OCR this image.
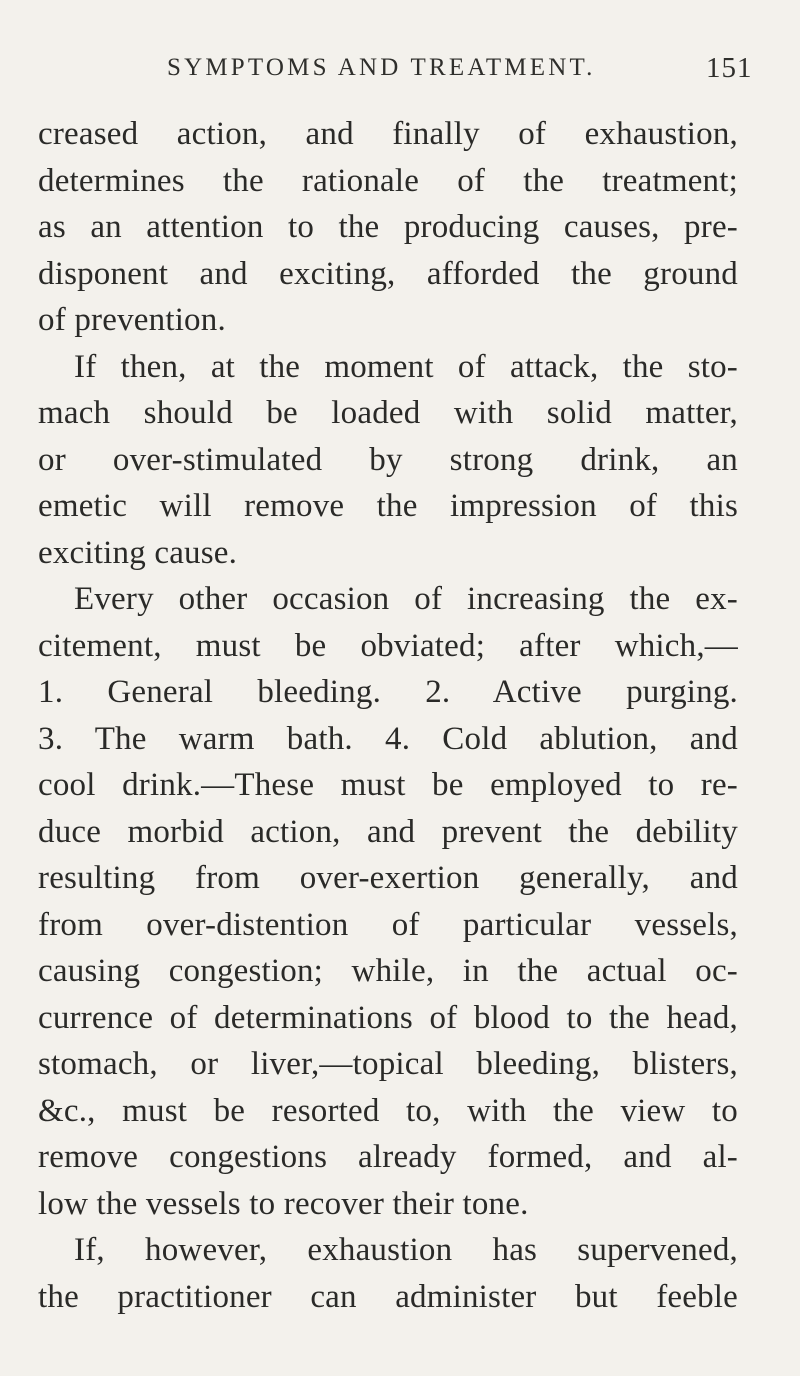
SYMPTOMS AND TREATMENT.	151
creased action, and finally of exhaustion,
determines the rationale of the treatment;
as an attention to the producing causes, pre-
disponent and exciting, afforded the ground
of prevention.
If then, at the moment of attack, the sto-
mach should be loaded with solid matter,
or over-stimulated by strong drink, an
emetic will remove the impression of this
exciting cause.
Every other occasion of increasing the ex-
citement, must be obviated; after which,—
1. General bleeding. 2. Active purging.
3. The warm bath. 4. Cold ablution, and
cool drink.—These must be employed to re-
duce morbid action, and prevent the debility
resulting from over-exertion generally, and
from over-distention of particular vessels,
causing congestion; while, in the actual oc-
currence of determinations of blood to the head,
stomach, or liver,—topical bleeding, blisters,
&c., must be resorted to, with the view to
remove congestions already formed, and al-
low the vessels to recover their tone.
If, however, exhaustion has supervened,
the practitioner can administer but feeble
